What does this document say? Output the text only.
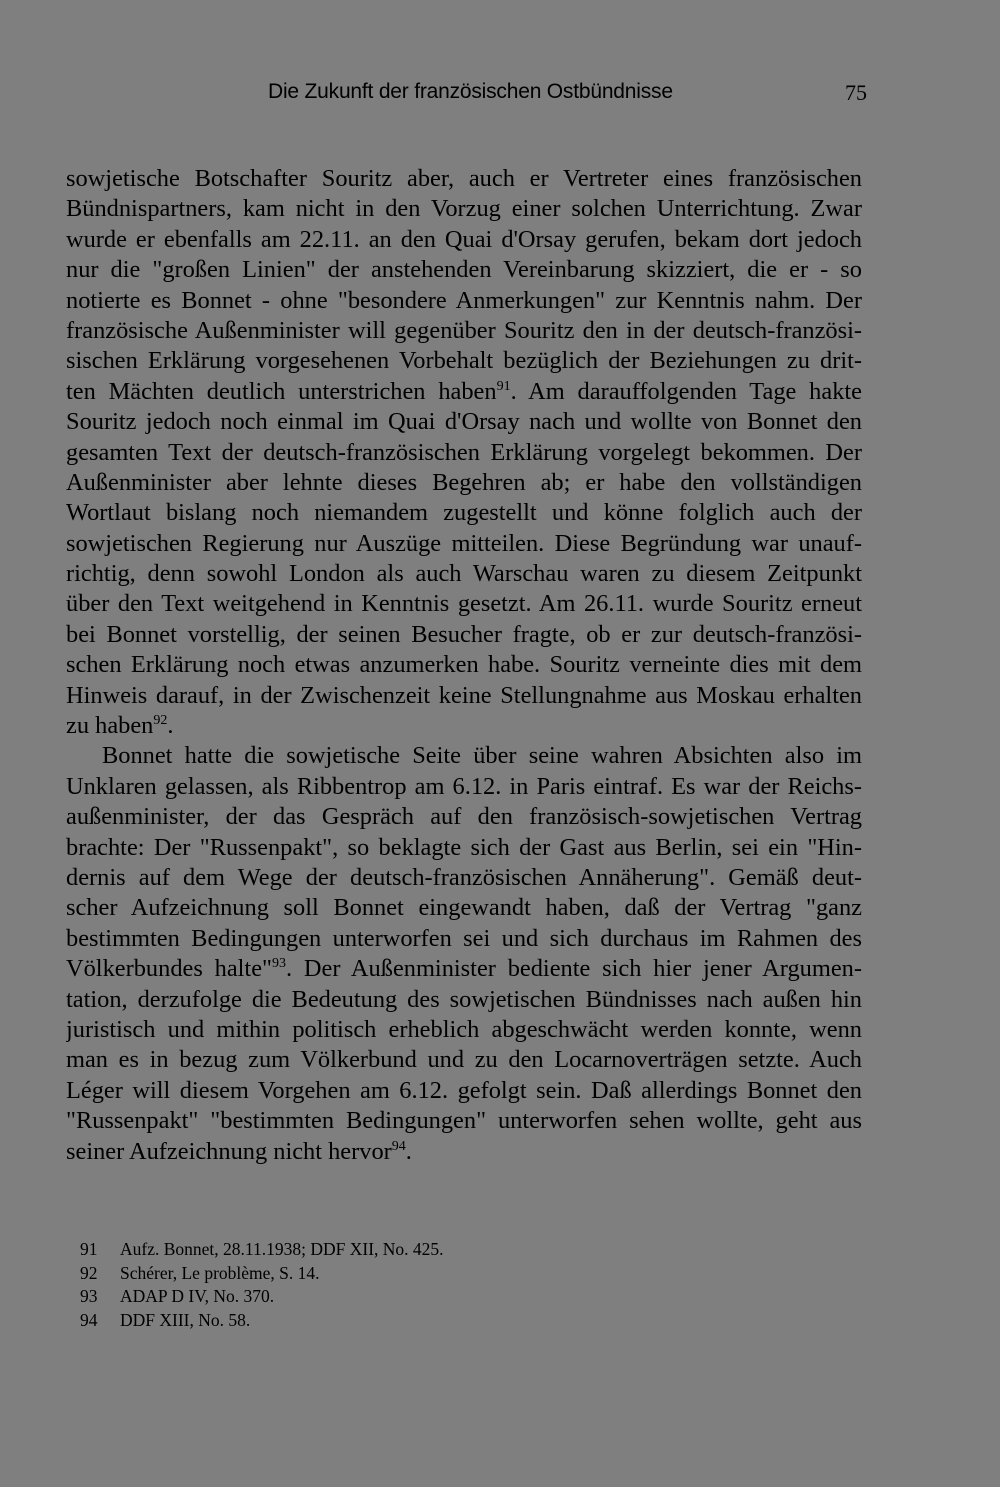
Die Zukunft der französischen Ostbündnisse	75
sowjetische Botschafter Souritz aber, auch er Vertreter eines französischen
Bündnispartners, kam nicht in den Vorzug einer solchen Unterrichtung. Zwar
wurde er ebenfalls am 22.11. an den Quai d'Orsay gerufen, bekam dort jedoch
nur die "großen Linien" der anstehenden Vereinbarung skizziert, die er - so
notierte es Bonnet - ohne "besondere Anmerkungen" zur Kenntnis nahm. Der
französische Außenminister will gegenüber Souritz den in der deutsch-französi-
sischen Erklärung vorgesehenen Vorbehalt bezüglich der Beziehungen zu drit-
ten Mächten deutlich unterstrichen haben$^{91}$. Am darauffolgenden Tage hakte
Souritz jedoch noch einmal im Quai d'Orsay nach und wollte von Bonnet den
gesamten Text der deutsch-französischen Erklärung vorgelegt bekommen. Der
Außenminister aber lehnte dieses Begehren ab; er habe den vollständigen
Wortlaut bislang noch niemandem zugestellt und könne folglich auch der
sowjetischen Regierung nur Auszüge mitteilen. Diese Begründung war unauf-
richtig, denn sowohl London als auch Warschau waren zu diesem Zeitpunkt
über den Text weitgehend in Kenntnis gesetzt. Am 26.11. wurde Souritz erneut
bei Bonnet vorstellig, der seinen Besucher fragte, ob er zur deutsch-französi-
schen Erklärung noch etwas anzumerken habe. Souritz verneinte dies mit dem
Hinweis darauf, in der Zwischenzeit keine Stellungnahme aus Moskau erhalten
zu haben$^{92}$.
Bonnet hatte die sowjetische Seite über seine wahren Absichten also im
Unklaren gelassen, als Ribbentrop am 6.12. in Paris eintraf. Es war der Reichs-
außenminister, der das Gespräch auf den französisch-sowjetischen Vertrag
brachte: Der "Russenpakt", so beklagte sich der Gast aus Berlin, sei ein "Hin-
dernis auf dem Wege der deutsch-französischen Annäherung". Gemäß deut-
scher Aufzeichnung soll Bonnet eingewandt haben, daß der Vertrag "ganz
bestimmten Bedingungen unterworfen sei und sich durchaus im Rahmen des
Völkerbundes halte"$^{93}$. Der Außenminister bediente sich hier jener Argumen-
tation, derzufolge die Bedeutung des sowjetischen Bündnisses nach außen hin
juristisch und mithin politisch erheblich abgeschwächt werden konnte, wenn
man es in bezug zum Völkerbund und zu den Locarnoverträgen setzte. Auch
Léger will diesem Vorgehen am 6.12. gefolgt sein. Daß allerdings Bonnet den
"Russenpakt" "bestimmten Bedingungen" unterworfen sehen wollte, geht aus
seiner Aufzeichnung nicht hervor$^{94}$.
91 Aufz. Bonnet, 28.11.1938; DDF XII, No. 425.
92 Schérer, Le problème, S. 14.
93 ADAP D IV, No. 370.
94 DDF XIII, No. 58.
